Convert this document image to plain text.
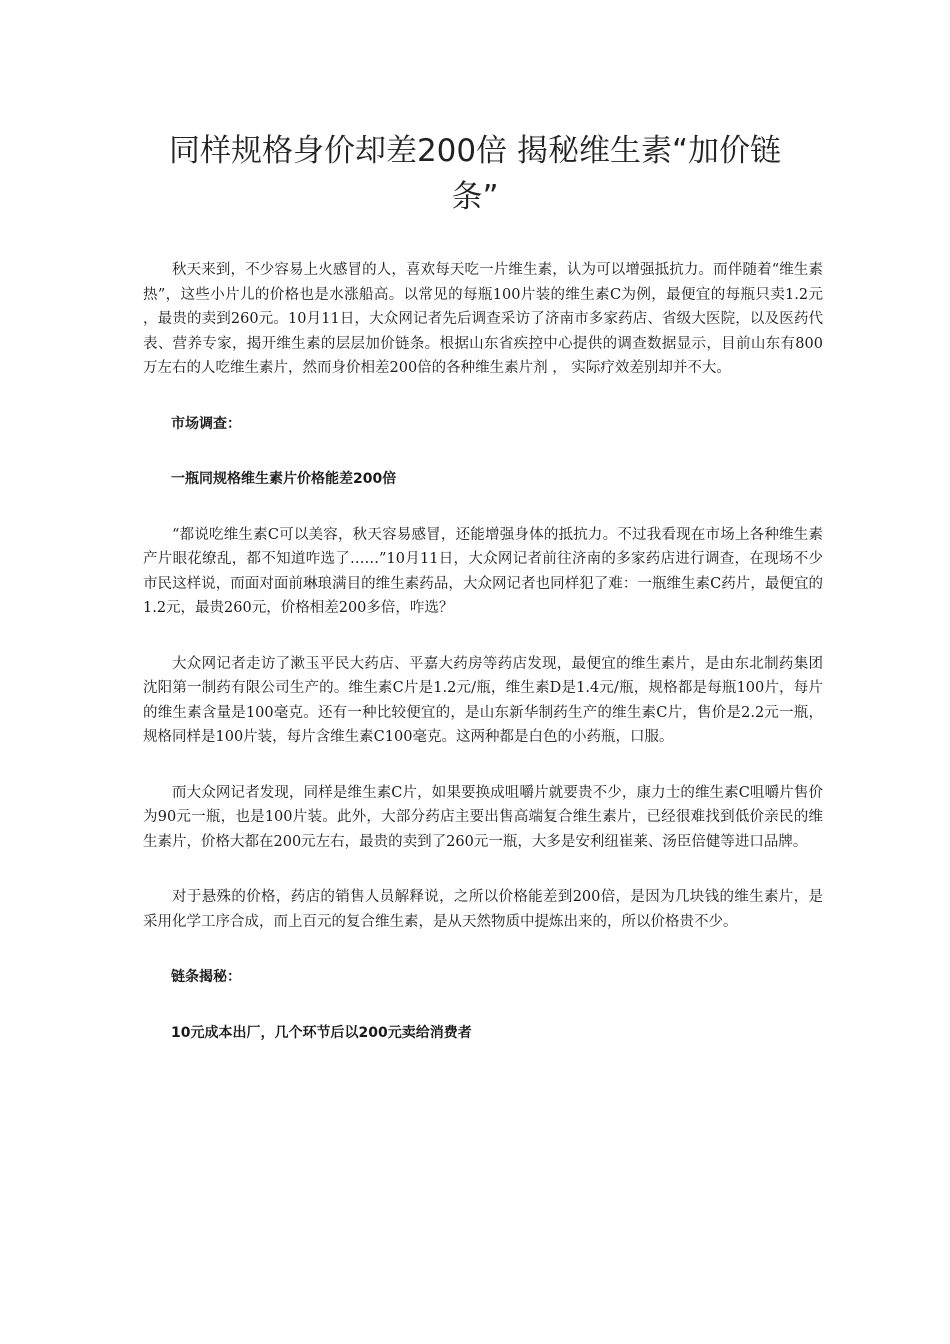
同样规格身价却差200倍 揭秘维生素“加价链条”

秋天来到，不少容易上火感冒的人，喜欢每天吃一片维生素，认为可以增强抵抗力。而伴随着“维生素热”，这些小片儿的价格也是水涨船高。以常见的每瓶100片装的维生素C为例，最便宜的每瓶只卖1.2元 ，最贵的卖到260元。10月11日，大众网记者先后调查采访了济南市多家药店、省级大医院，以及医药代表、营养专家，揭开维生素的层层加价链条。根据山东省疾控中心提供的调查数据显示，目前山东有800万左右的人吃维生素片，然而身价相差200倍的各种维生素片剂 ， 实际疗效差别却并不大。

市场调查：

一瓶同规格维生素片价格能差200倍

“都说吃维生素C可以美容，秋天容易感冒，还能增强身体的抵抗力。不过我看现在市场上各种维生素产片眼花缭乱，都不知道咋选了……”10月11日，大众网记者前往济南的多家药店进行调查，在现场不少市民这样说，而面对面前琳琅满目的维生素药品，大众网记者也同样犯了难：一瓶维生素C药片，最便宜的1.2元，最贵260元，价格相差200多倍，咋选？

大众网记者走访了漱玉平民大药店、平嘉大药房等药店发现，最便宜的维生素片，是由东北制药集团沈阳第一制药有限公司生产的。维生素C片是1.2元/瓶，维生素D是1.4元/瓶，规格都是每瓶100片，每片的维生素含量是100毫克。还有一种比较便宜的，是山东新华制药生产的维生素C片，售价是2.2元一瓶，规格同样是100片装，每片含维生素C100毫克。这两种都是白色的小药瓶，口服。

而大众网记者发现，同样是维生素C片，如果要换成咀嚼片就要贵不少，康力士的维生素C咀嚼片售价为90元一瓶，也是100片装。此外，大部分药店主要出售高端复合维生素片，已经很难找到低价亲民的维生素片，价格大都在200元左右，最贵的卖到了260元一瓶，大多是安利纽崔莱、汤臣倍健等进口品牌。

对于悬殊的价格，药店的销售人员解释说，之所以价格能差到200倍，是因为几块钱的维生素片，是采用化学工序合成，而上百元的复合维生素，是从天然物质中提炼出来的，所以价格贵不少。

链条揭秘：

10元成本出厂，几个环节后以200元卖给消费者
